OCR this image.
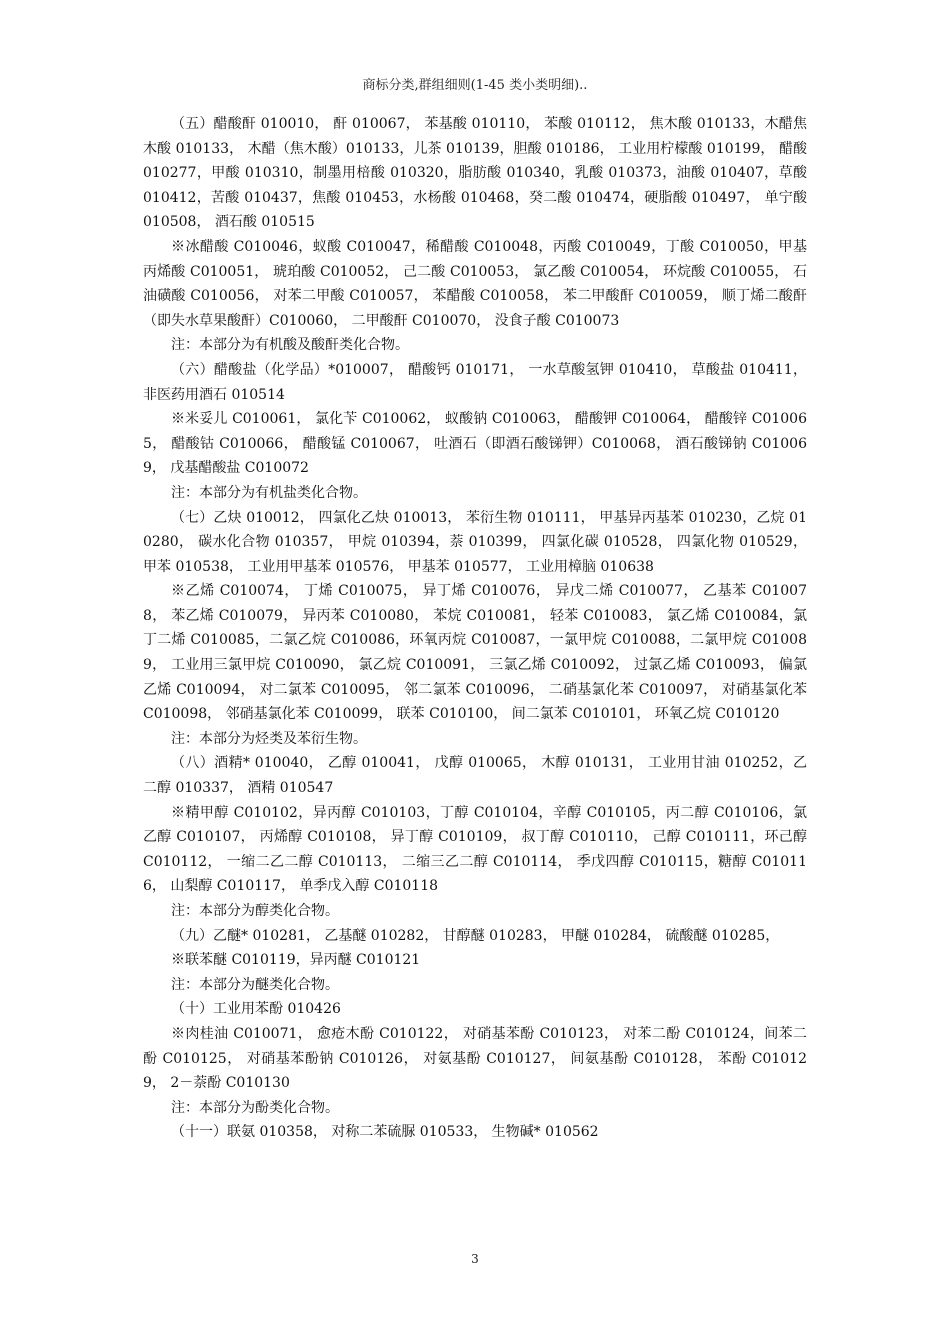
商标分类,群组细则(1-45 类小类明细)..

（五）醋酸酐 010010， 酐 010067， 苯基酸 010110， 苯酸 010112， 焦木酸 010133，木醋焦木酸 010133， 木醋（焦木酸）010133，儿茶 010139，胆酸 010186， 工业用柠檬酸 010199， 醋酸 010277，甲酸 010310，制墨用棓酸 010320，脂肪酸 010340，乳酸 010373，油酸 010407，草酸 010412，苦酸 010437，焦酸 010453，水杨酸 010468，癸二酸 010474，硬脂酸 010497， 单宁酸 010508， 酒石酸 010515

※冰醋酸 C010046，蚁酸 C010047，稀醋酸 C010048，丙酸 C010049，丁酸 C010050，甲基丙烯酸 C010051， 琥珀酸 C010052， 己二酸 C010053， 氯乙酸 C010054， 环烷酸 C010055， 石油磺酸 C010056， 对苯二甲酸 C010057， 苯醋酸 C010058， 苯二甲酸酐 C010059， 顺丁烯二酸酐（即失水草果酸酐）C010060， 二甲酸酐 C010070， 没食子酸 C010073

注：本部分为有机酸及酸酐类化合物。

（六）醋酸盐（化学品）*010007， 醋酸钙 010171， 一水草酸氢钾 010410， 草酸盐 010411， 非医药用酒石 010514

※米妥儿 C010061， 氯化苄 C010062， 蚁酸钠 C010063， 醋酸钾 C010064， 醋酸锌 C010065， 醋酸钴 C010066， 醋酸锰 C010067， 吐酒石（即酒石酸锑钾）C010068， 酒石酸锑钠 C010069， 戊基醋酸盐 C010072

注：本部分为有机盐类化合物。

（七）乙炔 010012， 四氯化乙炔 010013， 苯衍生物 010111， 甲基异丙基苯 010230，乙烷 010280， 碳水化合物 010357， 甲烷 010394，萘 010399， 四氯化碳 010528， 四氯化物 010529， 甲苯 010538， 工业用甲基苯 010576， 甲基苯 010577， 工业用樟脑 010638

※乙烯 C010074， 丁烯 C010075， 异丁烯 C010076， 异戊二烯 C010077， 乙基苯 C010078， 苯乙烯 C010079， 异丙苯 C010080， 苯烷 C010081， 轻苯 C010083， 氯乙烯 C010084，氯丁二烯 C010085，二氯乙烷 C010086，环氧丙烷 C010087，一氯甲烷 C010088，二氯甲烷 C010089， 工业用三氯甲烷 C010090， 氯乙烷 C010091， 三氯乙烯 C010092， 过氯乙烯 C010093， 偏氯乙烯 C010094， 对二氯苯 C010095， 邻二氯苯 C010096， 二硝基氯化苯 C010097， 对硝基氯化苯 C010098， 邻硝基氯化苯 C010099， 联苯 C010100， 间二氯苯 C010101， 环氧乙烷 C010120

注：本部分为烃类及苯衍生物。

（八）酒精* 010040， 乙醇 010041， 戊醇 010065， 木醇 010131， 工业用甘油 010252，乙二醇 010337， 酒精 010547

※精甲醇 C010102，异丙醇 C010103，丁醇 C010104，辛醇 C010105，丙二醇 C010106，氯乙醇 C010107， 丙烯醇 C010108， 异丁醇 C010109， 叔丁醇 C010110， 己醇 C010111，环己醇 C010112， 一缩二乙二醇 C010113， 二缩三乙二醇 C010114， 季戊四醇 C010115，糖醇 C010116， 山梨醇 C010117， 单季戊入醇 C010118

注：本部分为醇类化合物。

（九）乙醚* 010281， 乙基醚 010282， 甘醇醚 010283， 甲醚 010284， 硫酸醚 010285，

※联苯醚 C010119，异丙醚 C010121

注：本部分为醚类化合物。

（十）工业用苯酚 010426

※肉桂油 C010071， 愈疮木酚 C010122， 对硝基苯酚 C010123， 对苯二酚 C010124，间苯二酚 C010125， 对硝基苯酚钠 C010126， 对氨基酚 C010127， 间氨基酚 C010128， 苯酚 C010129， 2－萘酚 C010130

注：本部分为酚类化合物。

（十一）联氨 010358， 对称二苯硫脲 010533， 生物碱* 010562

3
